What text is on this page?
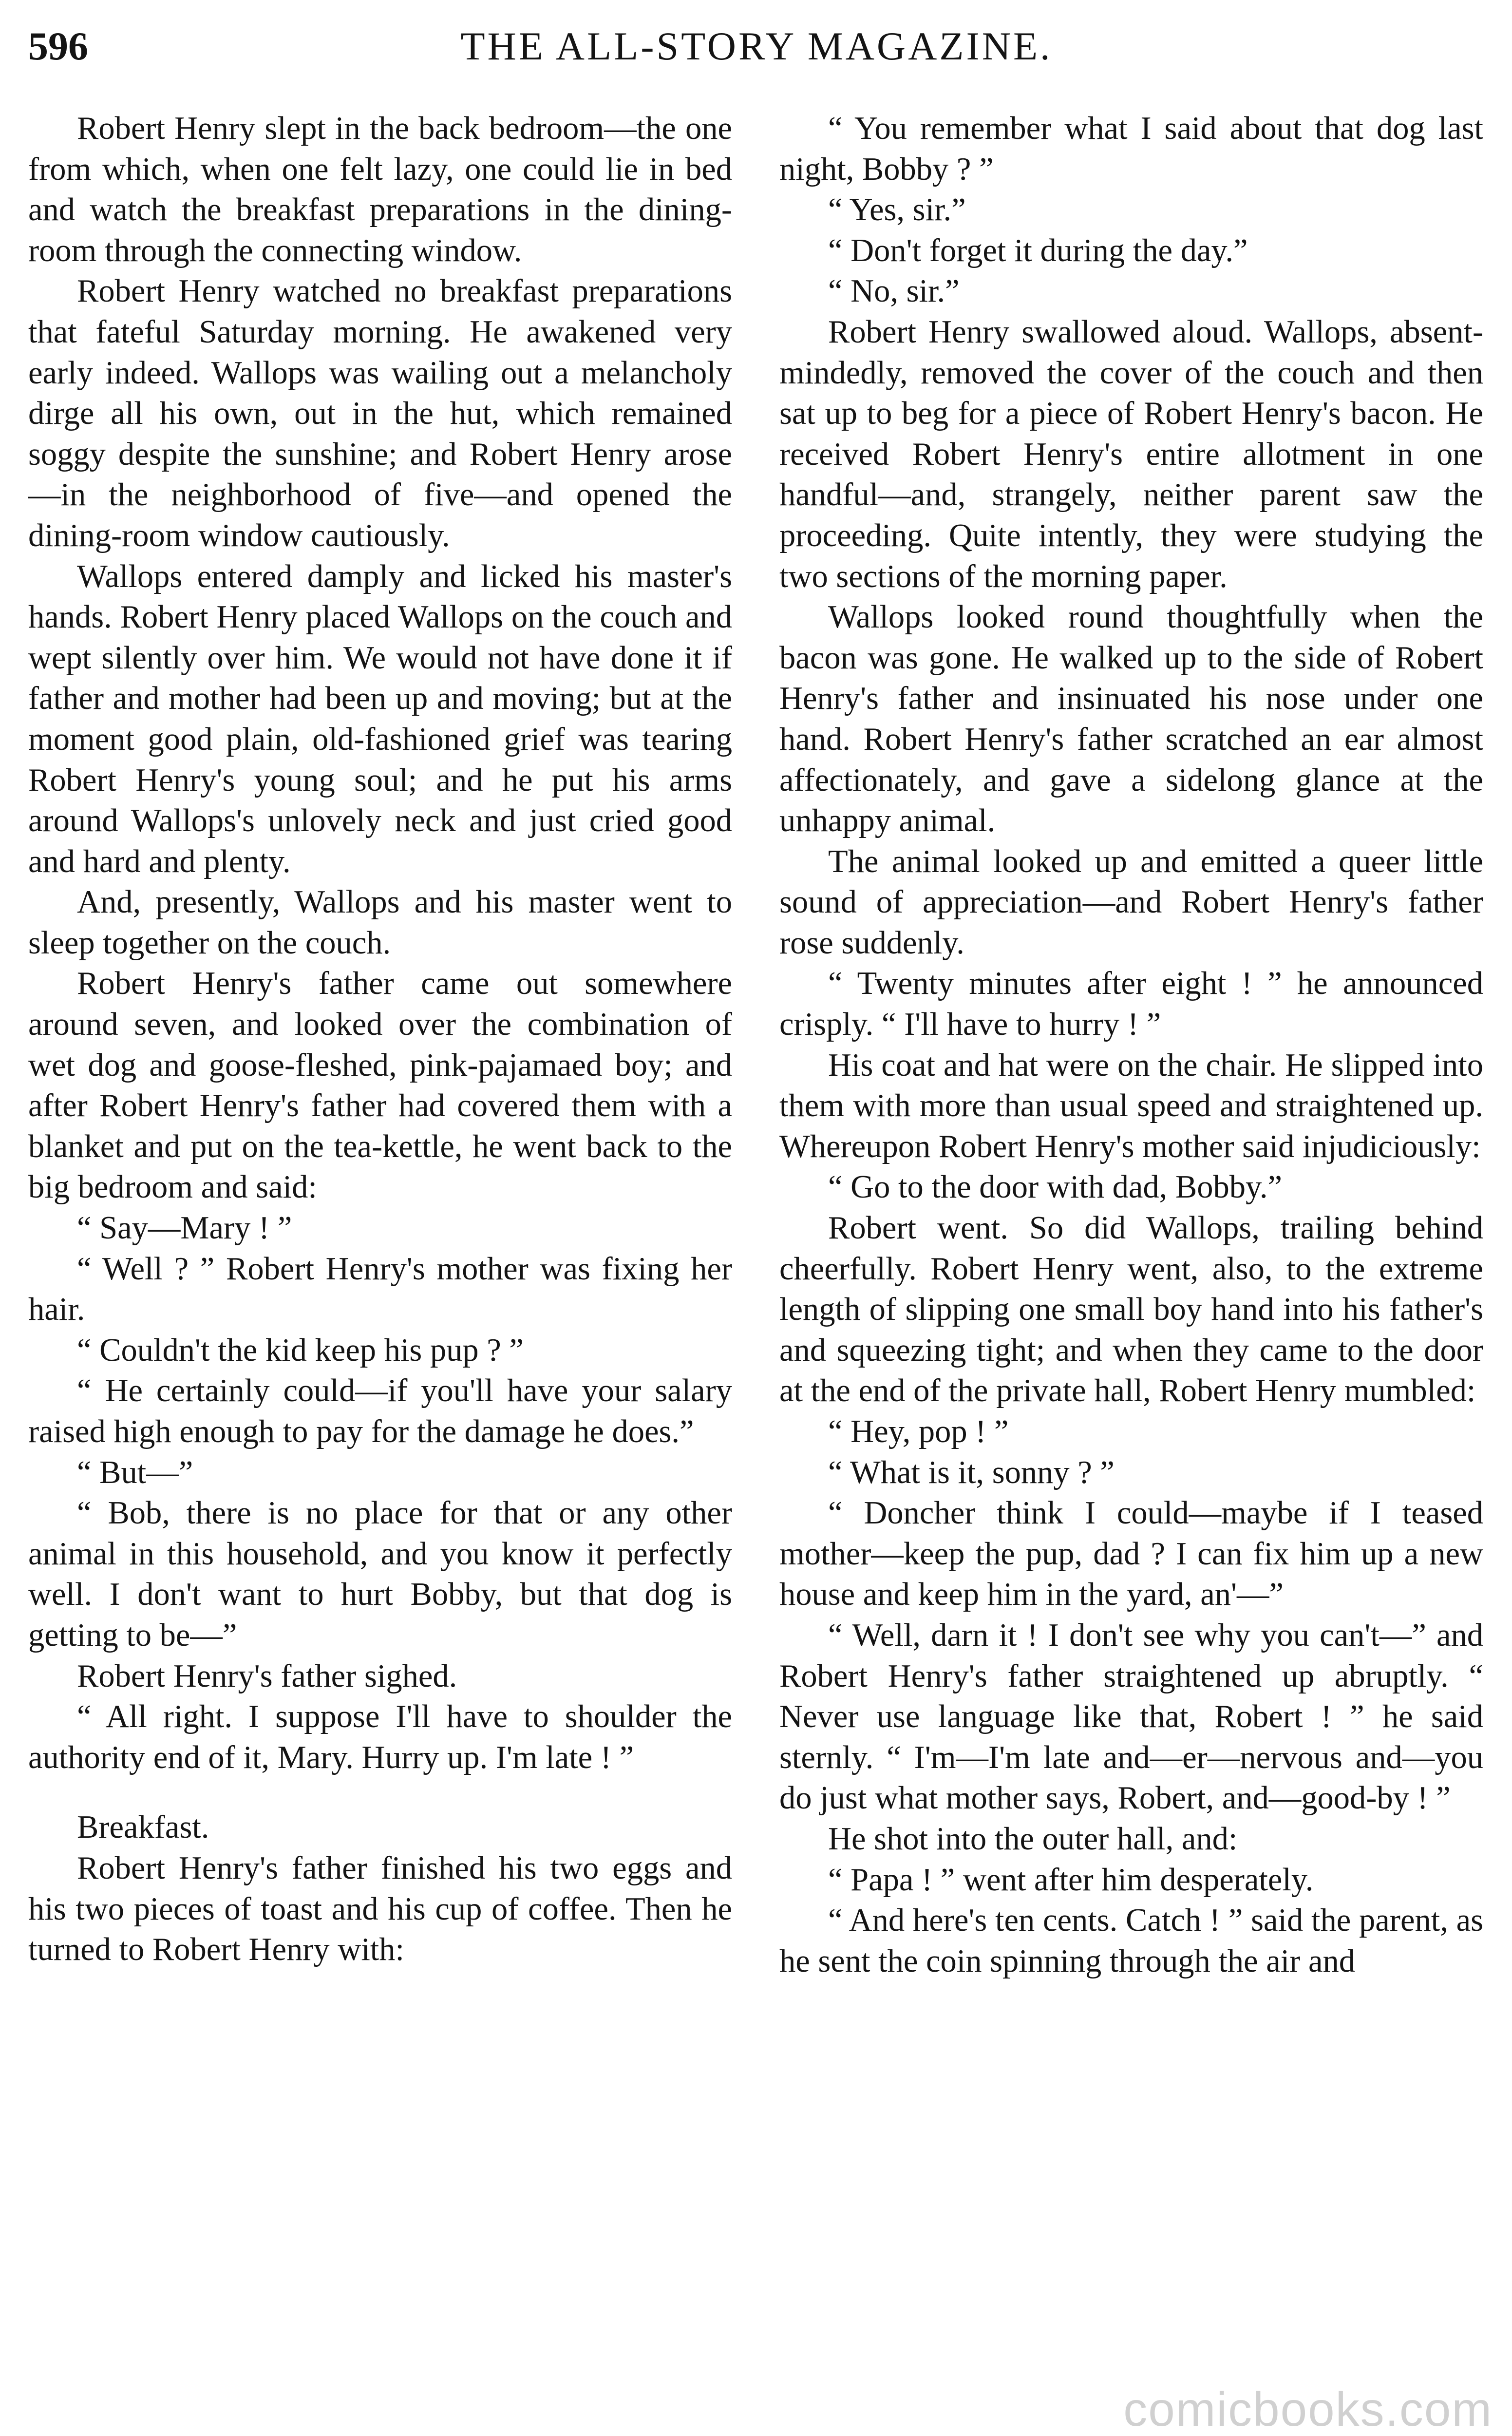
596	THE ALL-STORY MAGAZINE.

Robert Henry slept in the back bedroom—the one from which, when one felt lazy, one could lie in bed and watch the breakfast preparations in the dining-room through the connecting window.

Robert Henry watched no breakfast preparations that fateful Saturday morning. He awakened very early indeed. Wallops was wailing out a melancholy dirge all his own, out in the hut, which remained soggy despite the sunshine; and Robert Henry arose—in the neighborhood of five—and opened the dining-room window cautiously.

Wallops entered damply and licked his master's hands. Robert Henry placed Wallops on the couch and wept silently over him. We would not have done it if father and mother had been up and moving; but at the moment good plain, old-fashioned grief was tearing Robert Henry's young soul; and he put his arms around Wallops's unlovely neck and just cried good and hard and plenty.

And, presently, Wallops and his master went to sleep together on the couch.

Robert Henry's father came out somewhere around seven, and looked over the combination of wet dog and goose-fleshed, pink-pajamaed boy; and after Robert Henry's father had covered them with a blanket and put on the tea-kettle, he went back to the big bedroom and said:

“ Say—Mary ! ”

“ Well ? ” Robert Henry's mother was fixing her hair.

“ Couldn't the kid keep his pup ? ”

“ He certainly could—if you'll have your salary raised high enough to pay for the damage he does.”

“ But—”

“ Bob, there is no place for that or any other animal in this household, and you know it perfectly well. I don't want to hurt Bobby, but that dog is getting to be—”

Robert Henry's father sighed.

“ All right. I suppose I'll have to shoulder the authority end of it, Mary. Hurry up. I'm late ! ”

Breakfast.

Robert Henry's father finished his two eggs and his two pieces of toast and his cup of coffee. Then he turned to Robert Henry with:

“ You remember what I said about that dog last night, Bobby ? ”

“ Yes, sir.”

“ Don't forget it during the day.”

“ No, sir.”

Robert Henry swallowed aloud. Wallops, absent-mindedly, removed the cover of the couch and then sat up to beg for a piece of Robert Henry's bacon. He received Robert Henry's entire allotment in one handful—and, strangely, neither parent saw the proceeding. Quite intently, they were studying the two sections of the morning paper.

Wallops looked round thoughtfully when the bacon was gone. He walked up to the side of Robert Henry's father and insinuated his nose under one hand. Robert Henry's father scratched an ear almost affectionately, and gave a sidelong glance at the unhappy animal.

The animal looked up and emitted a queer little sound of appreciation—and Robert Henry's father rose suddenly.

“ Twenty minutes after eight ! ” he announced crisply. “ I'll have to hurry ! ”

His coat and hat were on the chair. He slipped into them with more than usual speed and straightened up. Whereupon Robert Henry's mother said injudiciously:

“ Go to the door with dad, Bobby.”

Robert went. So did Wallops, trailing behind cheerfully. Robert Henry went, also, to the extreme length of slipping one small boy hand into his father's and squeezing tight; and when they came to the door at the end of the private hall, Robert Henry mumbled:

“ Hey, pop ! ”

“ What is it, sonny ? ”

“ Doncher think I could—maybe if I teased mother—keep the pup, dad ? I can fix him up a new house and keep him in the yard, an'—”

“ Well, darn it ! I don't see why you can't—” and Robert Henry's father straightened up abruptly. “ Never use language like that, Robert ! ” he said sternly. “ I'm—I'm late and—er—nervous and—you do just what mother says, Robert, and—good-by ! ”

He shot into the outer hall, and:

“ Papa ! ” went after him desperately.

“ And here's ten cents. Catch ! ” said the parent, as he sent the coin spinning through the air and

comicbooks.com
